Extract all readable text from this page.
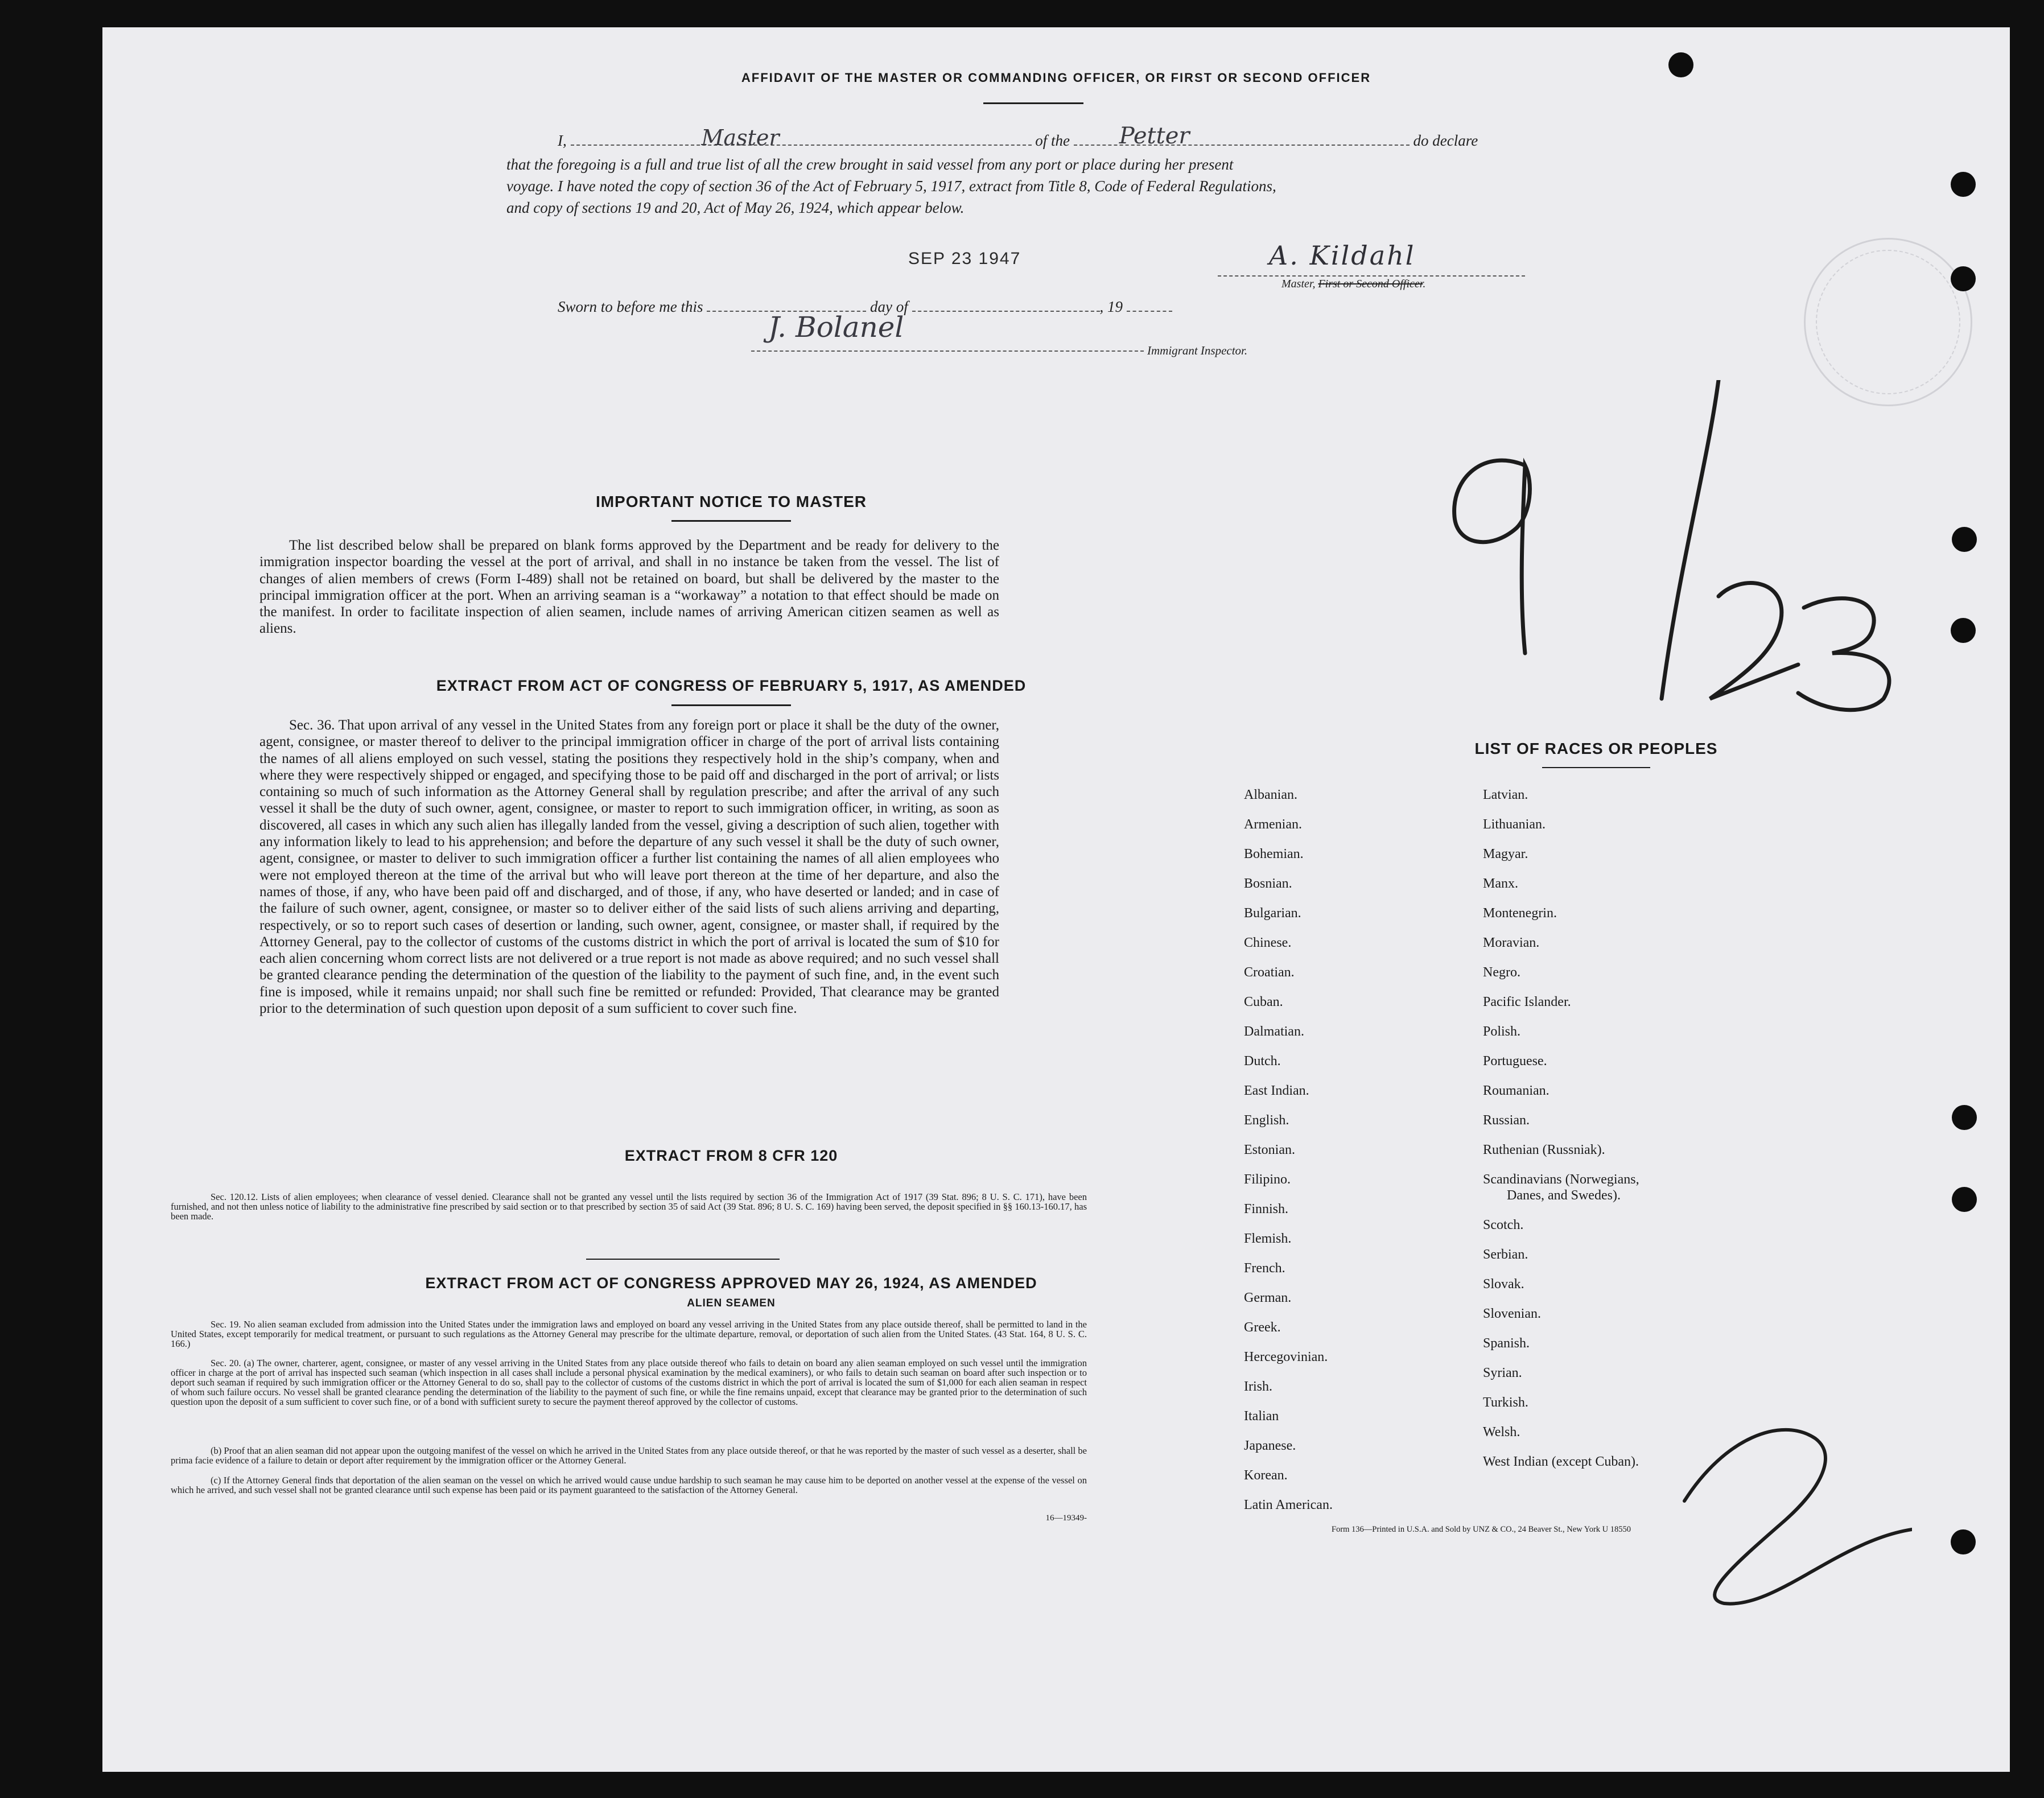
AFFIDAVIT OF THE MASTER OR COMMANDING OFFICER, OR FIRST OR SECOND OFFICER
I,	Master	of the Petter	do declare
that the foregoing is a full and true list of all the crew brought in said vessel from any port or place during her present
voyage. I have noted the copy of section 36 of the Act of February 5, 1917, extract from Title 8, Code of Federal Regulations,
and copy of sections 19 and 20, Act of May 26, 1924, which appear below.
SEP 23 1947	A. Kildahl
Master, First or Second Officer.
Sworn to before me this	day of	, 19
J. Bolanel
Immigrant Inspector.
IMPORTANT NOTICE TO MASTER
The list described below shall be prepared on blank forms approved by the Department and be ready for delivery to the immigration inspector boarding the vessel at the port of arrival, and shall in no instance be taken from the vessel. The list of changes of alien members of crews (Form I-489) shall not be retained on board, but shall be delivered by the master to the principal immigration officer at the port. When an arriving seaman is a “workaway” a notation to that effect should be made on the manifest. In order to facilitate inspection of alien seamen, include names of arriving American citizen seamen as well as aliens.
EXTRACT FROM ACT OF CONGRESS OF FEBRUARY 5, 1917, AS AMENDED
Sec. 36. That upon arrival of any vessel in the United States from any foreign port or place it shall be the duty of the owner, agent, consignee, or master thereof to deliver to the principal immigration officer in charge of the port of arrival lists containing the names of all aliens employed on such vessel, stating the positions they respectively hold in the ship’s company, when and where they were respectively shipped or engaged, and specifying those to be paid off and discharged in the port of arrival; or lists containing so much of such information as the Attorney General shall by regulation prescribe; and after the arrival of any such vessel it shall be the duty of such owner, agent, consignee, or master to report to such immigration officer, in writing, as soon as discovered, all cases in which any such alien has illegally landed from the vessel, giving a description of such alien, together with any information likely to lead to his apprehension; and before the departure of any such vessel it shall be the duty of such owner, agent, consignee, or master to deliver to such immigration officer a further list containing the names of all alien employees who were not employed thereon at the time of the arrival but who will leave port thereon at the time of her departure, and also the names of those, if any, who have been paid off and discharged, and of those, if any, who have deserted or landed; and in case of the failure of such owner, agent, consignee, or master so to deliver either of the said lists of such aliens arriving and departing, respectively, or so to report such cases of desertion or landing, such owner, agent, consignee, or master shall, if required by the Attorney General, pay to the collector of customs of the customs district in which the port of arrival is located the sum of $10 for each alien concerning whom correct lists are not delivered or a true report is not made as above required; and no such vessel shall be granted clearance pending the determination of the question of the liability to the payment of such fine, and, in the event such fine is imposed, while it remains unpaid; nor shall such fine be remitted or refunded: Provided, That clearance may be granted prior to the determination of such question upon deposit of a sum sufficient to cover such fine.
EXTRACT FROM 8 CFR 120
Sec. 120.12. Lists of alien employees; when clearance of vessel denied. Clearance shall not be granted any vessel until the lists required by section 36 of the Immigration Act of 1917 (39 Stat. 896; 8 U. S. C. 171), have been furnished, and not then unless notice of liability to the administrative fine prescribed by said section or to that prescribed by section 35 of said Act (39 Stat. 896; 8 U. S. C. 169) having been served, the deposit specified in §§ 160.13-160.17, has been made.
EXTRACT FROM ACT OF CONGRESS APPROVED MAY 26, 1924, AS AMENDED
ALIEN SEAMEN
Sec. 19. No alien seaman excluded from admission into the United States under the immigration laws and employed on board any vessel arriving in the United States from any place outside thereof, shall be permitted to land in the United States, except temporarily for medical treatment, or pursuant to such regulations as the Attorney General may prescribe for the ultimate departure, removal, or deportation of such alien from the United States. (43 Stat. 164, 8 U. S. C. 166.)
Sec. 20. (a) The owner, charterer, agent, consignee, or master of any vessel arriving in the United States from any place outside thereof who fails to detain on board any alien seaman employed on such vessel until the immigration officer in charge at the port of arrival has inspected such seaman (which inspection in all cases shall include a personal physical examination by the medical examiners), or who fails to detain such seaman on board after such inspection or to deport such seaman if required by such immigration officer or the Attorney General to do so, shall pay to the collector of customs of the customs district in which the port of arrival is located the sum of $1,000 for each alien seaman in respect of whom such failure occurs. No vessel shall be granted clearance pending the determination of the liability to the payment of such fine, or while the fine remains unpaid, except that clearance may be granted prior to the determination of such question upon the deposit of a sum sufficient to cover such fine, or of a bond with sufficient surety to secure the payment thereof approved by the collector of customs.
(b) Proof that an alien seaman did not appear upon the outgoing manifest of the vessel on which he arrived in the United States from any place outside thereof, or that he was reported by the master of such vessel as a deserter, shall be prima facie evidence of a failure to detain or deport after requirement by the immigration officer or the Attorney General.
(c) If the Attorney General finds that deportation of the alien seaman on the vessel on which he arrived would cause undue hardship to such seaman he may cause him to be deported on another vessel at the expense of the vessel on which he arrived, and such vessel shall not be granted clearance until such expense has been paid or its payment guaranteed to the satisfaction of the Attorney General.
16—19349-
9 23
LIST OF RACES OR PEOPLES
Form 136—Printed in U.S.A. and Sold by UNZ & CO., 24 Beaver St., New York U 18550
2
Albanian.
Armenian.
Bohemian.
Bosnian.
Bulgarian.
Chinese.
Croatian.
Cuban.
Dalmatian.
Dutch.
East Indian.
English.
Estonian.
Filipino.
Finnish.
Flemish.
French.
German.
Greek.
Hercegovinian.
Irish.
Italian
Japanese.
Korean.
Latin American.
Latvian.
Lithuanian.
Magyar.
Manx.
Montenegrin.
Moravian.
Negro.
Pacific Islander.
Polish.
Portuguese.
Roumanian.
Russian.
Ruthenian (Russniak).
Scandinavians (Norwegians,
Danes, and Swedes).
Scotch.
Serbian.
Slovak.
Slovenian.
Spanish.
Syrian.
Turkish.
Welsh.
West Indian (except Cuban).
